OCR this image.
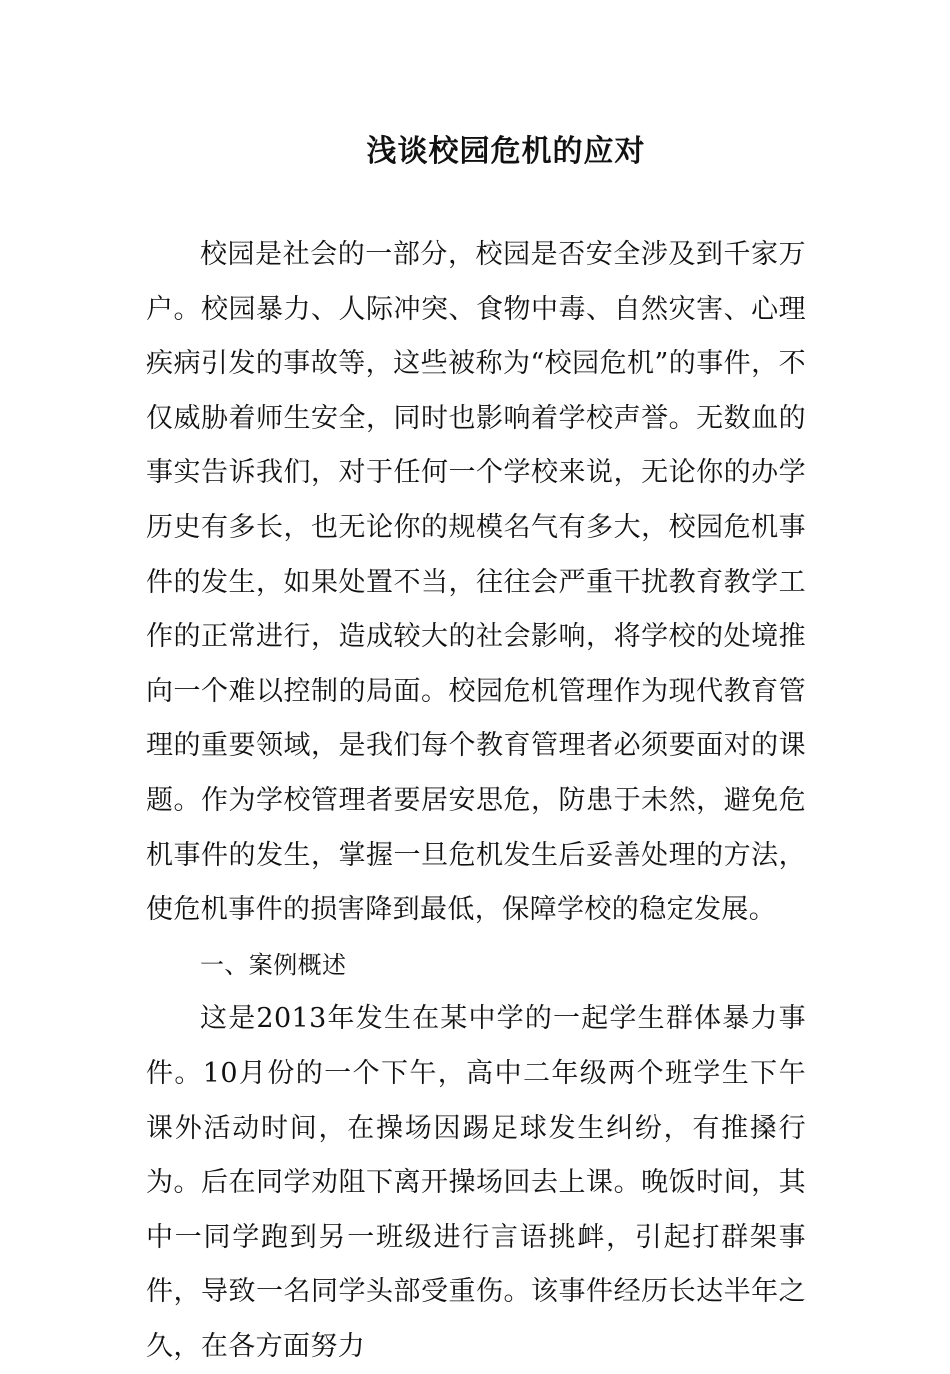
浅谈校园危机的应对

校园是社会的一部分，校园是否安全涉及到千家万户。校园暴力、人际冲突、食物中毒、自然灾害、心理疾病引发的事故等，这些被称为“校园危机”的事件，不仅威胁着师生安全，同时也影响着学校声誉。无数血的事实告诉我们，对于任何一个学校来说，无论你的办学历史有多长，也无论你的规模名气有多大，校园危机事件的发生，如果处置不当，往往会严重干扰教育教学工作的正常进行，造成较大的社会影响，将学校的处境推向一个难以控制的局面。校园危机管理作为现代教育管理的重要领域，是我们每个教育管理者必须要面对的课题。作为学校管理者要居安思危，防患于未然，避免危机事件的发生，掌握一旦危机发生后妥善处理的方法，使危机事件的损害降到最低，保障学校的稳定发展。

一、案例概述

这是2013年发生在某中学的一起学生群体暴力事件。10月份的一个下午，高中二年级两个班学生下午课外活动时间，在操场因踢足球发生纠纷，有推搡行为。后在同学劝阻下离开操场回去上课。晚饭时间，其中一同学跑到另一班级进行言语挑衅，引起打群架事件，导致一名同学头部受重伤。该事件经历长达半年之久，在各方面努力
